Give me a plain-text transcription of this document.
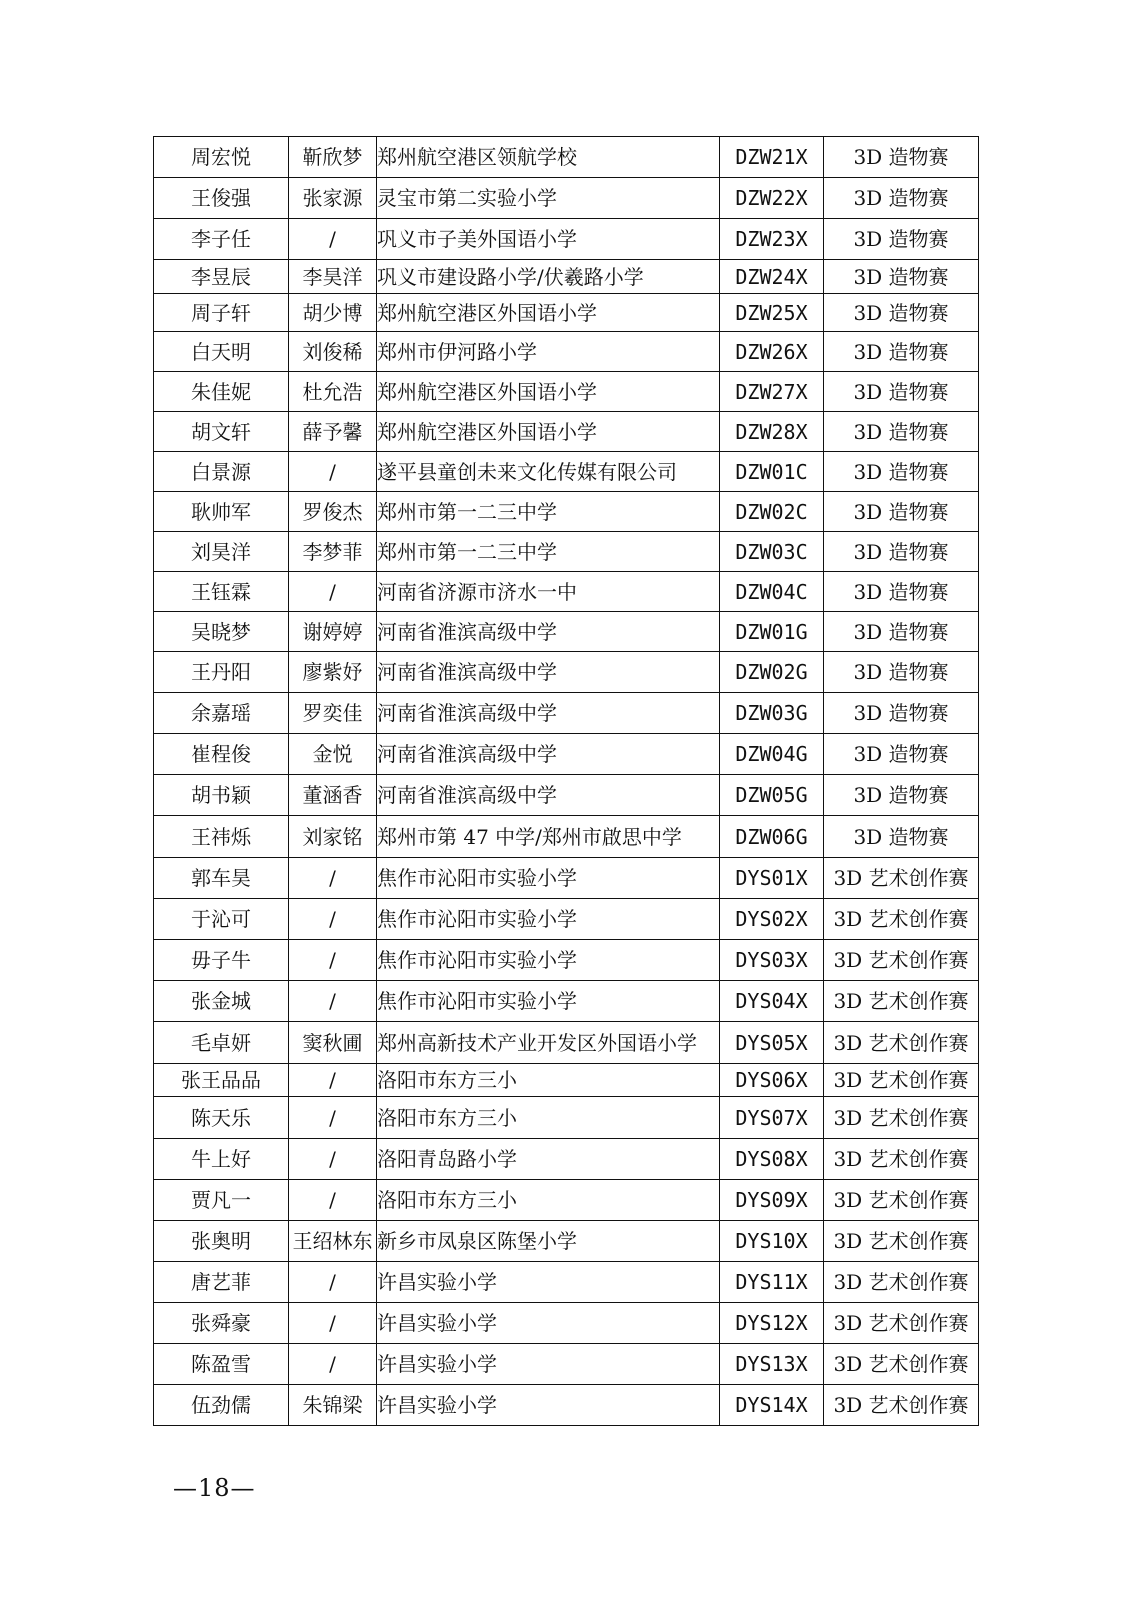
周宏悦	靳欣梦	郑州航空港区领航学校	DZW21X	3D 造物赛
王俊强	张家源	灵宝市第二实验小学	DZW22X	3D 造物赛
李子任	/	巩义市子美外国语小学	DZW23X	3D 造物赛
李昱辰	李昊洋	巩义市建设路小学/伏羲路小学	DZW24X	3D 造物赛
周子轩	胡少博	郑州航空港区外国语小学	DZW25X	3D 造物赛
白天明	刘俊稀	郑州市伊河路小学	DZW26X	3D 造物赛
朱佳妮	杜允浩	郑州航空港区外国语小学	DZW27X	3D 造物赛
胡文轩	薛予馨	郑州航空港区外国语小学	DZW28X	3D 造物赛
白景源	/	遂平县童创未来文化传媒有限公司	DZW01C	3D 造物赛
耿帅军	罗俊杰	郑州市第一二三中学	DZW02C	3D 造物赛
刘昊洋	李梦菲	郑州市第一二三中学	DZW03C	3D 造物赛
王钰霖	/	河南省济源市济水一中	DZW04C	3D 造物赛
吴晓梦	谢婷婷	河南省淮滨高级中学	DZW01G	3D 造物赛
王丹阳	廖紫妤	河南省淮滨高级中学	DZW02G	3D 造物赛
余嘉瑶	罗奕佳	河南省淮滨高级中学	DZW03G	3D 造物赛
崔程俊	金悦	河南省淮滨高级中学	DZW04G	3D 造物赛
胡书颖	董涵香	河南省淮滨高级中学	DZW05G	3D 造物赛
王祎烁	刘家铭	郑州市第 47 中学/郑州市啟思中学	DZW06G	3D 造物赛
郭车昊	/	焦作市沁阳市实验小学	DYS01X	3D 艺术创作赛
于沁可	/	焦作市沁阳市实验小学	DYS02X	3D 艺术创作赛
毋子牛	/	焦作市沁阳市实验小学	DYS03X	3D 艺术创作赛
张金城	/	焦作市沁阳市实验小学	DYS04X	3D 艺术创作赛
毛卓妍	窦秋圃	郑州高新技术产业开发区外国语小学	DYS05X	3D 艺术创作赛
张王品品	/	洛阳市东方三小	DYS06X	3D 艺术创作赛
陈天乐	/	洛阳市东方三小	DYS07X	3D 艺术创作赛
牛上好	/	洛阳青岛路小学	DYS08X	3D 艺术创作赛
贾凡一	/	洛阳市东方三小	DYS09X	3D 艺术创作赛
张奥明	王绍林东	新乡市凤泉区陈堡小学	DYS10X	3D 艺术创作赛
唐艺菲	/	许昌实验小学	DYS11X	3D 艺术创作赛
张舜豪	/	许昌实验小学	DYS12X	3D 艺术创作赛
陈盈雪	/	许昌实验小学	DYS13X	3D 艺术创作赛
伍劲儒	朱锦梁	许昌实验小学	DYS14X	3D 艺术创作赛
—18—
